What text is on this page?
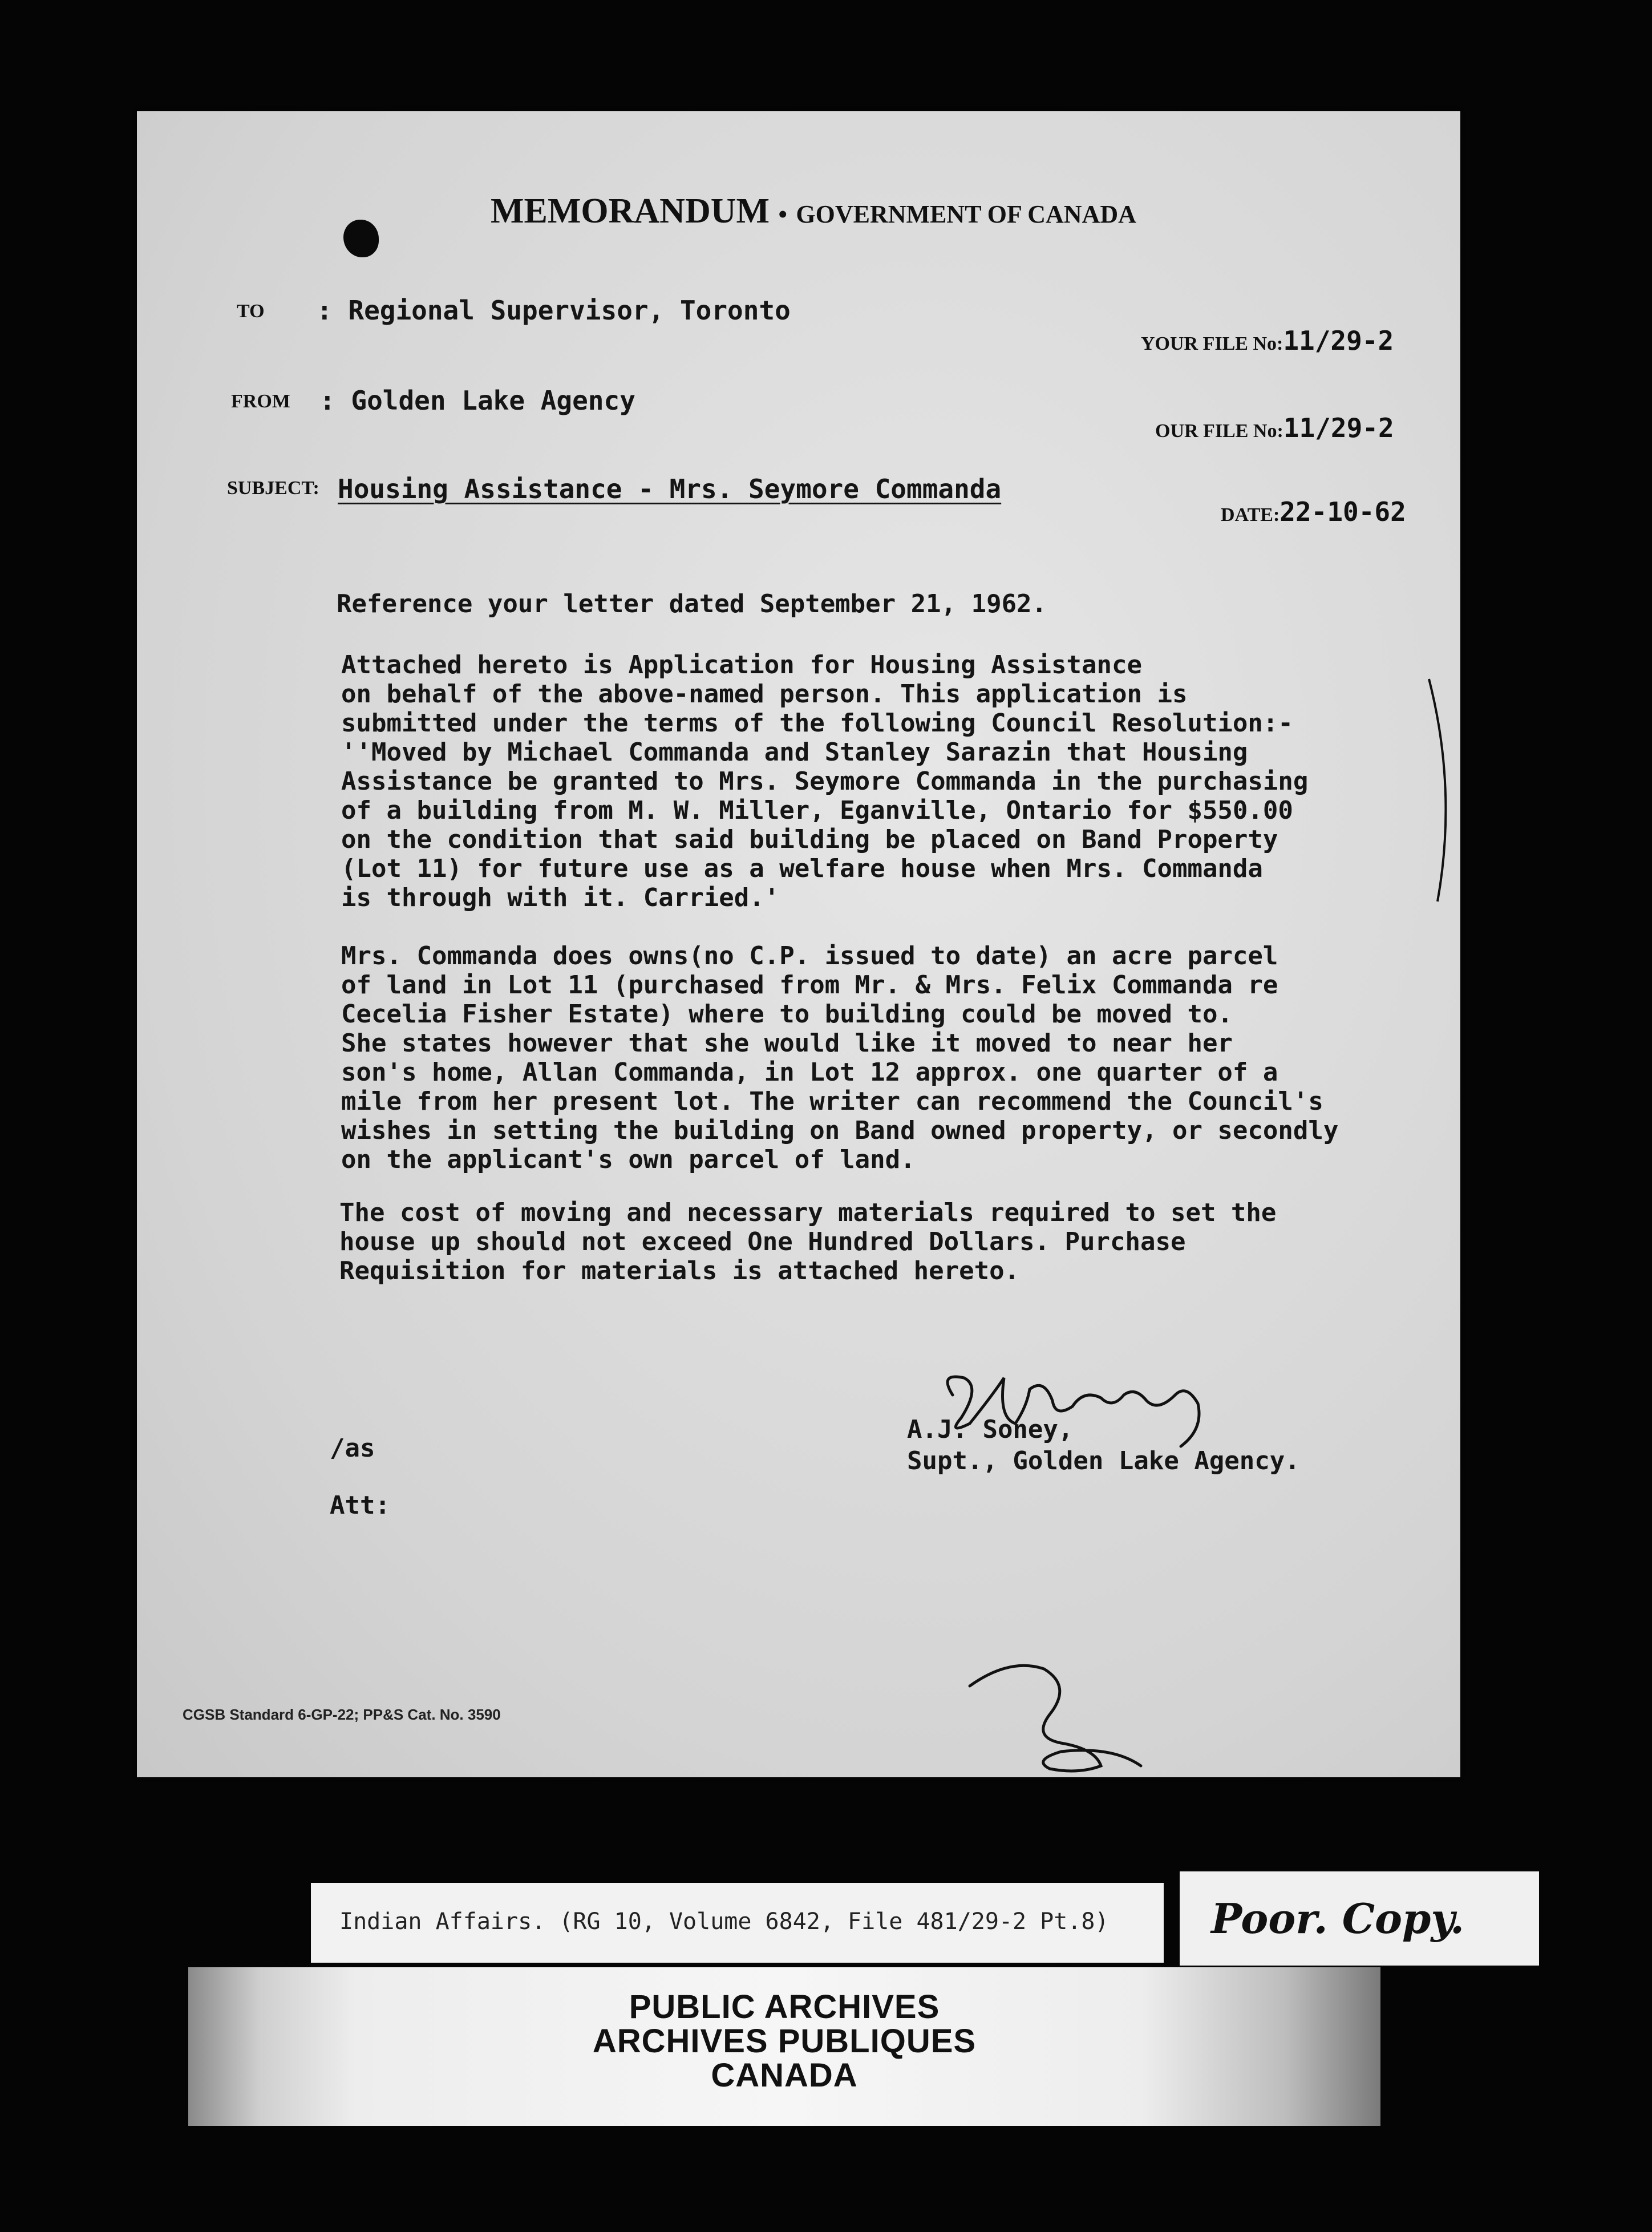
MEMORANDUM • GOVERNMENT OF CANADA
TO : Regional Supervisor, Toronto
YOUR FILE No:11/29-2
FROM : Golden Lake Agency
OUR FILE No:11/29-2
SUBJECT: Housing Assistance - Mrs. Seymore Commanda
DATE:22-10-62
Reference your letter dated September 21, 1962.
Attached hereto is Application for Housing Assistance
on behalf of the above-named person. This application is
submitted under the terms of the following Council Resolution:-
''Moved by Michael Commanda and Stanley Sarazin that Housing
Assistance be granted to Mrs. Seymore Commanda in the purchasing
of a building from M. W. Miller, Eganville, Ontario for $550.00
on the condition that said building be placed on Band Property
(Lot 11) for future use as a welfare house when Mrs. Commanda
is through with it. Carried.'
Mrs. Commanda does owns(no C.P. issued to date) an acre parcel
of land in Lot 11 (purchased from Mr. & Mrs. Felix Commanda re
Cecelia Fisher Estate) where to building could be moved to.
She states however that she would like it moved to near her
son's home, Allan Commanda, in Lot 12 approx. one quarter of a
mile from her present lot. The writer can recommend the Council's
wishes in setting the building on Band owned property, or secondly
on the applicant's own parcel of land.
The cost of moving and necessary materials required to set the
house up should not exceed One Hundred Dollars. Purchase
Requisition for materials is attached hereto.
A.J. Soney,
Supt., Golden Lake Agency.
/as
Att:
CGSB Standard 6-GP-22; PP&S Cat. No. 3590
Indian Affairs. (RG 10, Volume 6842, File 481/29-2 Pt.8) Poor. Copy.
PUBLIC ARCHIVES
ARCHIVES PUBLIQUES
CANADA
